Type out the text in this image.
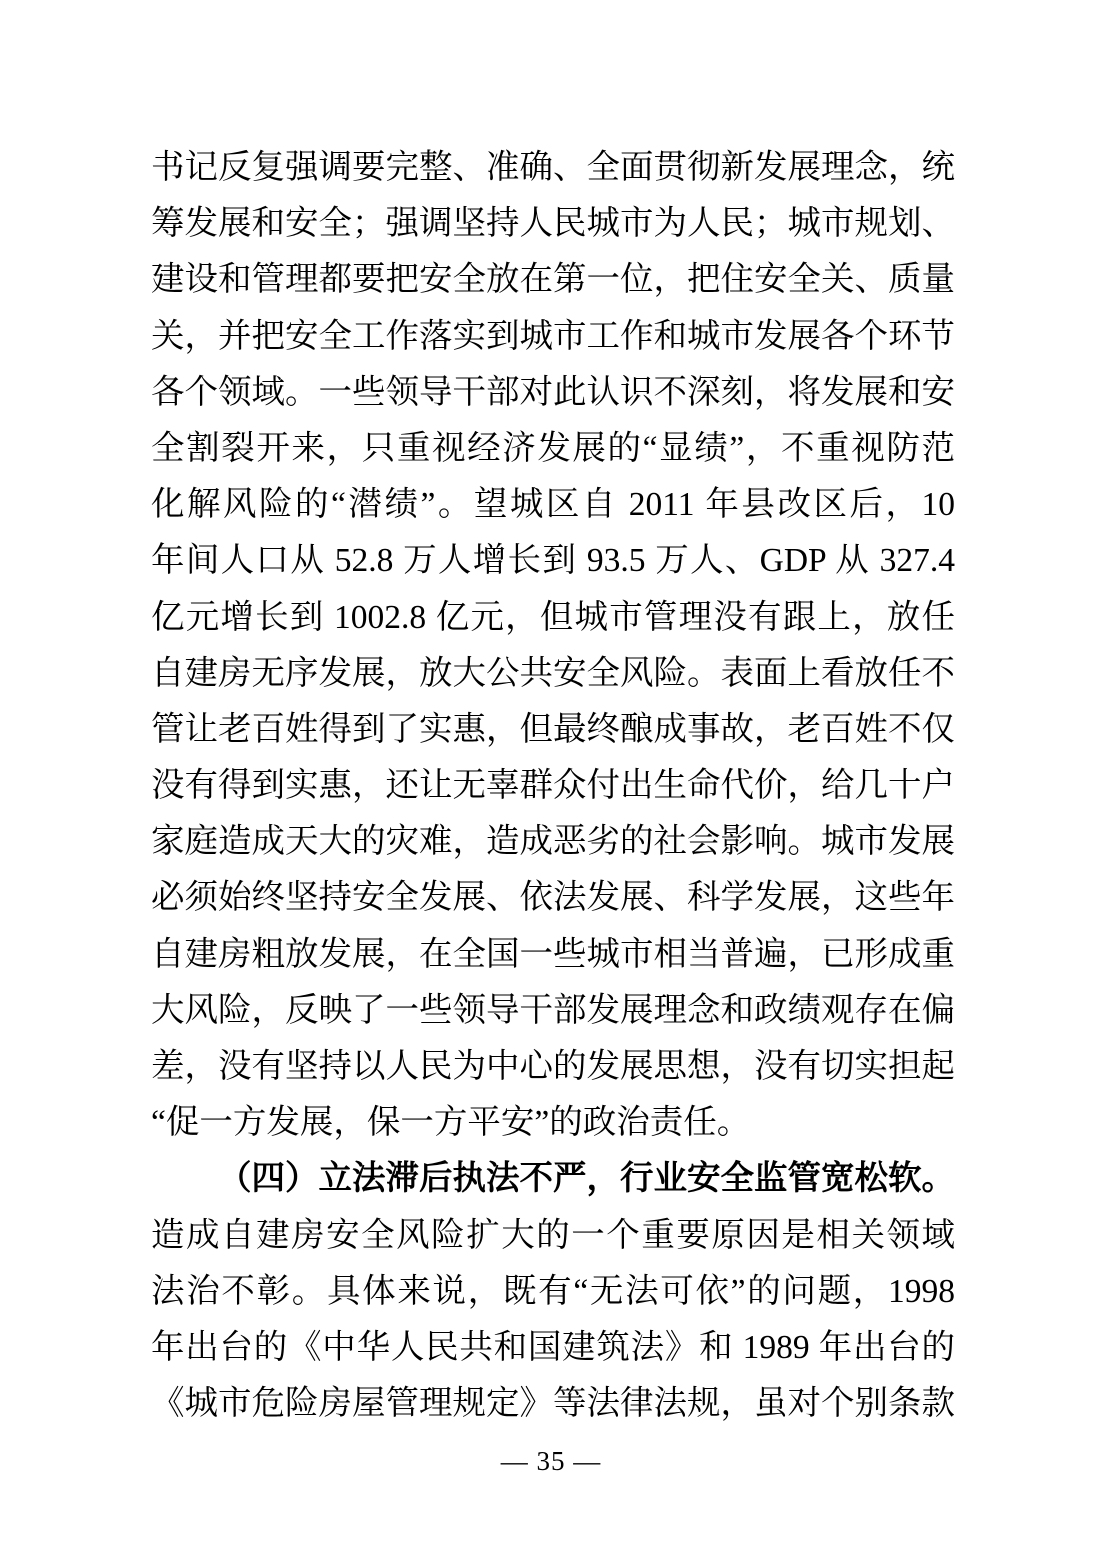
书记反复强调要完整、准确、全面贯彻新发展理念，统
筹发展和安全；强调坚持人民城市为人民；城市规划、
建设和管理都要把安全放在第一位，把住安全关、质量
关，并把安全工作落实到城市工作和城市发展各个环节
各个领域。一些领导干部对此认识不深刻，将发展和安
全割裂开来，只重视经济发展的“显绩”，不重视防范
化解风险的“潜绩”。望城区自 2011 年县改区后，10
年间人口从 52.8 万人增长到 93.5 万人、GDP 从 327.4
亿元增长到 1002.8 亿元，但城市管理没有跟上，放任
自建房无序发展，放大公共安全风险。表面上看放任不
管让老百姓得到了实惠，但最终酿成事故，老百姓不仅
没有得到实惠，还让无辜群众付出生命代价，给几十户
家庭造成天大的灾难，造成恶劣的社会影响。城市发展
必须始终坚持安全发展、依法发展、科学发展，这些年
自建房粗放发展，在全国一些城市相当普遍，已形成重
大风险，反映了一些领导干部发展理念和政绩观存在偏
差，没有坚持以人民为中心的发展思想，没有切实担起
“促一方发展，保一方平安”的政治责任。
（四）立法滞后执法不严，行业安全监管宽松软。
造成自建房安全风险扩大的一个重要原因是相关领域
法治不彰。具体来说，既有“无法可依”的问题，1998
年出台的《中华人民共和国建筑法》和 1989 年出台的
《城市危险房屋管理规定》等法律法规，虽对个别条款
— 35 —
